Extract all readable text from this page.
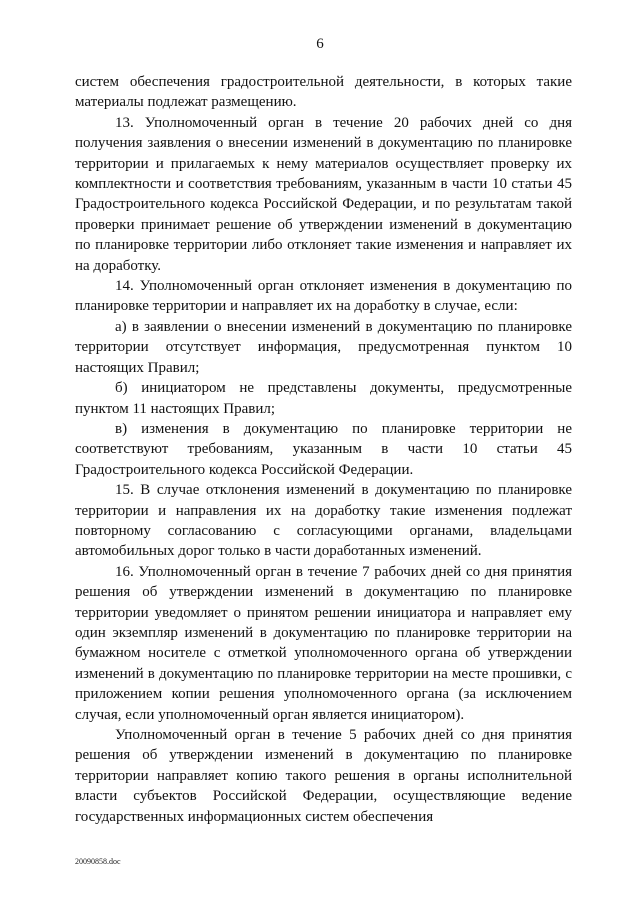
6

систем обеспечения градостроительной деятельности, в которых такие материалы подлежат размещению.

13. Уполномоченный орган в течение 20 рабочих дней со дня получения заявления о внесении изменений в документацию по планировке территории и прилагаемых к нему материалов осуществляет проверку их комплектности и соответствия требованиям, указанным в части 10 статьи 45 Градостроительного кодекса Российской Федерации, и по результатам такой проверки принимает решение об утверждении изменений в документацию по планировке территории либо отклоняет такие изменения и направляет их на доработку.

14. Уполномоченный орган отклоняет изменения в документацию по планировке территории и направляет их на доработку в случае, если:

а) в заявлении о внесении изменений в документацию по планировке территории отсутствует информация, предусмотренная пунктом 10 настоящих Правил;

б) инициатором не представлены документы, предусмотренные пунктом 11 настоящих Правил;

в) изменения в документацию по планировке территории не соответствуют требованиям, указанным в части 10 статьи 45 Градостроительного кодекса Российской Федерации.

15. В случае отклонения изменений в документацию по планировке территории и направления их на доработку такие изменения подлежат повторному согласованию с согласующими органами, владельцами автомобильных дорог только в части доработанных изменений.

16. Уполномоченный орган в течение 7 рабочих дней со дня принятия решения об утверждении изменений в документацию по планировке территории уведомляет о принятом решении инициатора и направляет ему один экземпляр изменений в документацию по планировке территории на бумажном носителе с отметкой уполномоченного органа об утверждении изменений в документацию по планировке территории на месте прошивки, с приложением копии решения уполномоченного органа (за исключением случая, если уполномоченный орган является инициатором).

Уполномоченный орган в течение 5 рабочих дней со дня принятия решения об утверждении изменений в документацию по планировке территории направляет копию такого решения в органы исполнительной власти субъектов Российской Федерации, осуществляющие ведение государственных информационных систем обеспечения

20090858.doc
